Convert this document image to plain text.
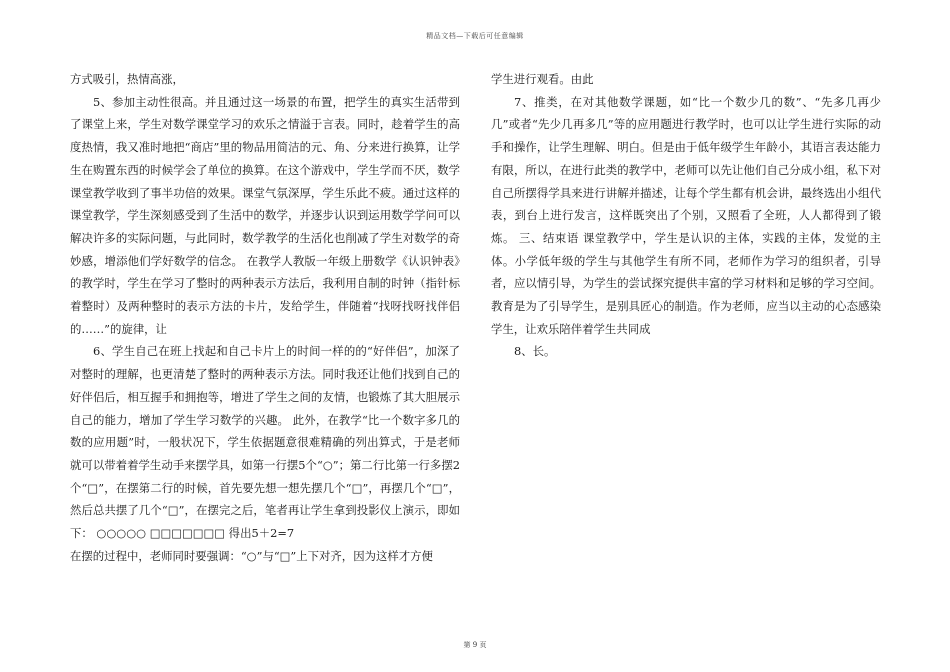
精品文档—下载后可任意编辑

方式吸引，热情高涨，

5、参加主动性很高。并且通过这一场景的布置，把学生的真实生活带到了课堂上来，学生对数学课堂学习的欢乐之情溢于言表。同时，趁着学生的高度热情，我又准时地把“商店”里的物品用简洁的元、角、分来进行换算，让学生在购置东西的时候学会了单位的换算。在这个游戏中，学生学而不厌，数学课堂教学收到了事半功倍的效果。课堂气氛深厚，学生乐此不疲。通过这样的课堂教学，学生深刻感受到了生活中的数学，并逐步认识到运用数学学问可以解决许多的实际问题，与此同时，数学教学的生活化也削减了学生对数学的奇妙感，增添他们学好数学的信念。 在教学人教版一年级上册数学《认识钟表》的教学时，学生在学习了整时的两种表示方法后，我利用自制的时钟（指针标着整时）及两种整时的表示方法的卡片，发给学生，伴随着“找呀找呀找伴侣的……”的旋律，让

6、学生自己在班上找起和自己卡片上的时间一样的的“好伴侣”，加深了对整时的理解，也更清楚了整时的两种表示方法。同时我还让他们找到自己的好伴侣后，相互握手和拥抱等，增进了学生之间的友情，也锻炼了其大胆展示自己的能力，增加了学生学习数学的兴趣。 此外，在教学“比一个数字多几的数的应用题”时，一般状况下，学生依据题意很难精确的列出算式，于是老师就可以带着着学生动手来摆学具，如第一行摆5个“○”；第二行比第一行多摆2个“□”，在摆第二行的时候，首先要先想一想先摆几个“□”，再摆几个“□”，然后总共摆了几个“□”，在摆完之后，笔者再让学生拿到投影仪上演示，即如下： ○○○○○ □□□□□□□ 得出5＋2=7

在摆的过程中，老师同时要强调：“○”与“□”上下对齐，因为这样才方便

学生进行观看。由此

7、推类，在对其他数学课题，如“比一个数少几的数”、“先多几再少几”或者“先少几再多几”等的应用题进行教学时，也可以让学生进行实际的动手和操作，让学生理解、明白。但是由于低年级学生年龄小，其语言表达能力有限，所以，在进行此类的教学中，老师可以先让他们自己分成小组，私下对自己所摆得学具来进行讲解并描述，让每个学生都有机会讲，最终选出小组代表，到台上进行发言，这样既突出了个别，又照看了全班，人人都得到了锻炼。 三、结束语 课堂教学中，学生是认识的主体，实践的主体，发觉的主体。小学低年级的学生与其他学生有所不同，老师作为学习的组织者，引导者，应以情引导，为学生的尝试探究提供丰富的学习材料和足够的学习空间。教育是为了引导学生，是别具匠心的制造。作为老师，应当以主动的心态感染学生，让欢乐陪伴着学生共同成

8、长。

第 9 页
